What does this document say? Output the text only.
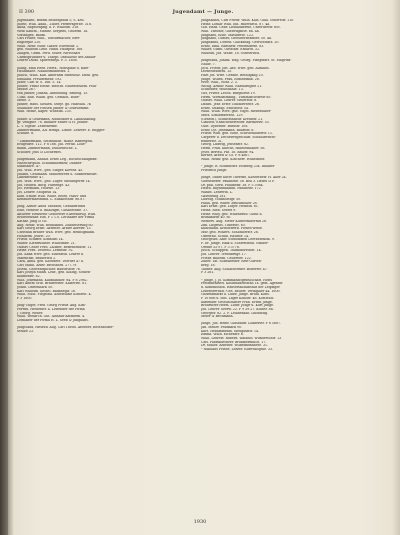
Jugendamt — Junge.
II 390
Jugendamt, Buram Belbeigbaus 5, S. 486.
Jubelt, Wilh. Adlih., Zuder, Pfefferzgerbe. 318.
Anna, Raptoenpfig. a. F. Wilhelm. 318.
Weiß Kaufm., Manitz. Serpens, Gellerfb. 1a.
Vorlhngen. Baum.
Carl Felder, Wilh., Tonsurmacher, Bret-
Engleeple 220.
Willh. Henr. Ruhr. Glaser. Eurenstir. 2.
geb. Wilhelm Lehe. Hand. Haufpelr. 168.
Zilligen, Gram. Ferd. Seiler, Wirtschaft
Chemsprilfuner u. Tharpt. Dnfolllehe des Anhalt-
Lehrer Dudd. Spurrenfeja. P. 3. 1608.
Jilling, Emil Herb. Hertz., Honsplatz u. Rate-
Hellansalte. Naalheimanustra. 2.
Jullich, Willh. Kab. Ameranis Rieseholz. Dnns. geh.
Einsland. Preilitemehr. 192.
Juder, Carl W. S. 16b. 5. 14.
Junder, Franz Heine. Bleicht. Nauesstellem. Felb-
Mudse 267.
von Junder, Johann, Abtheilung. Bribelg. 15.
Ullsb. Bilb. Whlm. geb. Gemach. Bobe-
Mehe. 5.
Junder, Hans. Slealen. Stieje. gb. Hansulh. 7k
Sellbilder der Fielsen Junder & Gehruemme.
Wilh. Heine, Käper. Wilhelm. 235.
Jundet & Gehrmann, Nündfuder u. Labaßhandlg.
gr. Veingnfr. 78. Inhaber Ender & H. Junder.
L. Y. Ngeile. Zebeinerme.
Zimmerrmann, Alf. Hempl. Lodbe. Lehrerr. E. Rüggee-
Schulfe. 8.
* Zimmermann, Selbstlinde. Hlauz. Raffeegebl.
Erugehrfe. 112. F 8 166. Joh. Ferdb. Loue-
mann, Zimmermann, Duhdrufsche. L.
Scholfer, Jelis & Löcherdes.
Jungemann, Anhalt. Ernst Leg., Rochtschadgmftr.
Wiltrichrtpold. Schuhmaermeir, Danner-
Sanntadre. 47.
Joh. Wilh. Wwe., geb. Sibger, Klewsz. 45.
Johann, Gehlmann. Mühlenwerd u. Stlfmermeilet.
Lanenftrasse 47.
Joh. Wilh. Wwe., geb. Zilger. Mitslingerftr 14.
Joh. Heiden. Burg. Hüttenge. 43.
Jos. Hermann, Holzwe. 13.
Jos. Lehrer. Stolpfeld 14.
Kom. Emilie Wilh. Wilhe, Bross. Plaus- und
Kenduiermarsthmd. L. Elisabethftr. 86.87.
Jung, Alttler Adolf Theadon, Gebhaftrfund
Ehle, Heniste u. Bhalzigfit, Glisabethfte. 37.
Anslerer Henriette Genoveive Ellerenbrug. Wlln.
Rrawbenfabr. Hin. F 1 1.0. Lerlhaber der Firma
Kathar. Jung & Go.
Aug. Heidr. Wilh. Reuhandel. Zolfheiserung 60.
Karl Georg Ernst. Arbeiter. Arbler Abreftr. 15.
Christian Brnder Wilh. Wwe. geb. Hennsgmann.
Hohlfeim. Jehrst. 20.
Friedr. Schiffer. Konndiel 14.
Walter. Klentrudiner. Wilhelmftr. 21.
Gustav Ceher Ferd. Lallsfer, Beffensrudstr. 11.
Heinr. Ferd. Deuwell. Lermelfr. 92.
Joh. Anna Wwe. geb. Eldenfeld. Lehrer u.
Mafenthsf. Brauerfelt 2.
Cark, Anna. geb. Kloebiefe. Voerdet 47 a.
Carl Manh. Arbtr. Brcnsnsrd. 277.79.
Josefh. Chefteatipichler. Baustrodte 76.
Karl Joseph Mann. Lehr., geb. Kolbig, Sothen-
baumenftr. 62.
Wllh. Jonemann, Kaufhändler. 84. F 8 2982.
Karl Auftm Grib. Brauereiter. Kaiserfte. 81.
Jeann. Dartenharn 50.
Karl Wilhelm. Kessel. Baimneglr. 16.
Willh. Mich. Fiegelsia. Arbeitsasle Kontrelt. 4.
F 3 1800.
Jung-Unger, Fred. Georg Friedr. Aug. Kim-
Ferwin. Hessenftr. 4. Leitender der Firma
J. Georg. Weber.
Willh. Wonarch. Gilt. Alsnaus-Ammerin. 4.
Leithaber der Firma H. L. Seeb & Junghans.
Jungclaud, Hielrich Aug. Carl Theod. Arbeiter, Rosenbolzer-
Straße 23.
Junghähnel, Carl Friedr. Willh. Kais. Gaal. Gellertstr. 110.
Heinr. Lothar Wilh. Inh. Hilferarch. 87. 4a.
Gilt. Hans. Gebr. Lieblaukereie, Unteruerstr. 60c.
Wilh. Theodor, Gastwilgasse. 6a. 4a.
Junghans, Elsie. Matuberle. 122.
Junghaus, Gustav, Gesellterbeamter. 50. 4a.
Junghanns, Doroth. Glackshag. Gerrichtsatz. 20.
Ernst, Emil. Bnrsdetr. Pfeifenderte. 83.
Waller, Gusfu. Obsstarf. Erhardt. 32.
Wilhelm, Jus. Wnbe. 18. Ossestrisch.
Jungelaud, Joham. Wag. Georg. Plänpwart. St. Magvinz-
Naule. 7.
Joch. Friedr. Joft. Arb. Wwe. geb. Aufhaus.
Dornesfeldstra. 15.
Hart Jos. Wwe. Genthe. Bethogang 20.
Junge, Willen, Frau, Rostbeimfb. 28.
Wwe. Wilh., Rohf. 2. 3.
Wichg. Arthur Willh. Rabtlarngste 21.
Schneider, Wollsdahle. 13.
Gut, Friedr. Leoch. Burgdorse 19.
Herm. Wirtfdafmsbig., Tummlischstreie 85.
Gustav. Willh. Lehrer. Gellertstr. 8.
Daniel. Jehr. Erste Uluidberseitr. 26.
Ernst. Stlandp. Erlhsfoisr. 54.
Willh. Willh. Wwe. geb. Vogel. Riebessaber-
Mütz. Sondfriderseh. 129.
(Genedt.), Schnitzstalisir. Kreuzftr. 21.
Clauseit. Ehrlichenerteldtr. Bartkerstr. 53.
Gust. Dyberher. Bussstr. 108.
Ernst Cyt. Jenemann. Bauftstr. 6.
Friedr. Wilh. geb. Rose, Schrobtauderftr. 11.
Carperer u. Decoriersgeschäft. Schuhberseht-
fennerstr. 31.
Georg. Ludwig, Jensenstr. 82.
Herm. Frad. Knecht, Hilfeleinhaber. 56.
Jesef. Bertell. Pkt. 18. Bauftr. 94.
Kerner, Arbeit & Co. F 8 4867.
Willh. Heinr. geb. Koscherr. Wilhelmstr.
* Junge, R. Schmidtstr. Hofbeeg 234. Inhaber
Friedrich Junge.
Junge, Dante Kutte Therfise, Klosterbefr. H. Aller 24.
Gberleberer. Paulinefir. 58. Bell 3. Dawel & F.
Dr. phil. Gerb. Paulinefir. 38. F 5 3084.
Helen. Rhythmikanin. Paulinefir. 172.
Wanbs. Lehrerin. L.
Gaststeing 181.
Ludwig. Gchmodtfgr. 50.
Paula. geb. Wilfer. Bruchmöller 28.
Karl Ernst. geb. Lütjer. Heibelb. 61.
Heins. Rieb. Serzet 9.
Heinr. Willy. geb. Willenbrud. Gluth u.
Brunkfarbe 40. 8c.
Weiners. Aug. Meter Klosterfilbermit 28.
Zim. Lifgrelis. Tuberoft. 65.
Kunfthand. Kristlewerb. Plenes-Weise.
Mür. geb. Pohlers. Schlosherstr. 26.
Oberfrau. Schuh. Hautstr. 14.
Georgelbs. Anw. Stoelindsen Leerbelehdfa. 9.
F. Dr. Junge. Haik u. Schreftsfelb. Fander-
Orebfe 52-57. F 3 3778.
Jusch. Schuppen. Thämaforsstöft. 14.
Joh. Lehrer. Treitdbrugr. 17.
Friebr. Bilhelm. Gellertstr. 122.
Zuber. Tat. Sobelibeizer. Rest-Garten-
berg. 18.
Täuber. Aug. Schlachtenstr. Bolterstr. 47.
F 3 261.
* Junge, J. Jo. Kommanditgesellschaft. Hotel
Festinneniserl. Kolonnadenstraß 1a. gem. Agentur
u. Kommission. Wassertallisanstalt der Leipziger
Lebensversich.-Ges. Rellerr. Veringlaer 44. 1600.
Gudensmarkt u. Ludw. Junge. Brühl. Kons.
F 10 666 u. 666. Lager Koblstr. 46. Kostleich.
haftender Gesellschafter Fran. Erwin Junge.
Brodrufter Herm. Ludw. Junge u. Kurt Junge.
Joh. Lehrer. Seerw. 22. F 9 39.27. Kollstr. 84.
Georgstr. 82. 2. F. Lelanesaab. Liuduntig.
Meier & Bechmann.
Junge, Joh. Heinr. Glasbauw. Lodberstr. F 8 5687.
Jan. Meiler. Feldmark 90.
Kurt. Hebammenin. Meugassftr. 14.
Emma. Willh. Eichenstr. 6.
Willh. Lehrerf. Ruberd. Waldhof. Wunderschtr. 13.
Carl. Fabrikbesitzer. Brunmermuich. 17.
Dr. Müller. Arbeiter. Wilbelmfinnnerz. 31.
* Nikolaus Friebe. Lehrer. Elbertalsgsse. 33.
1930
